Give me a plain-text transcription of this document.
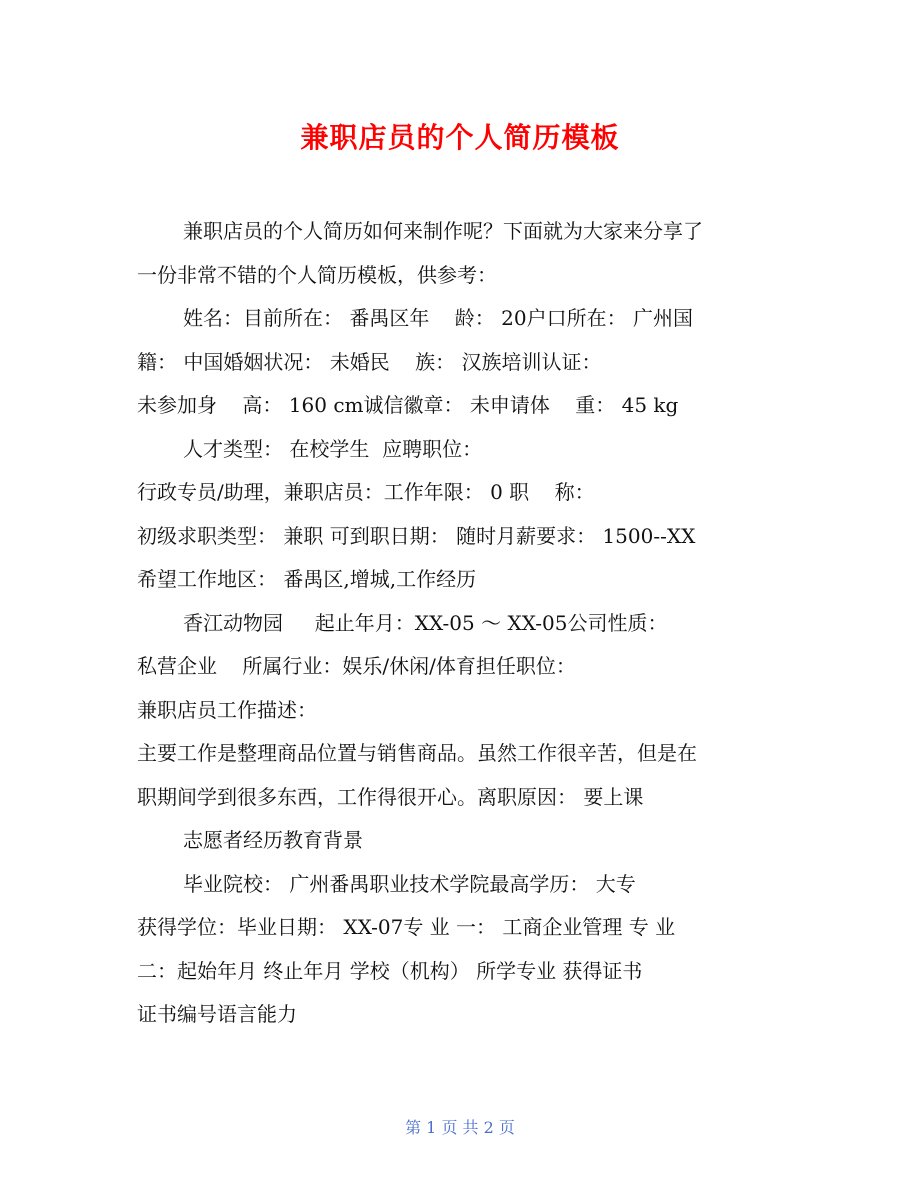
兼职店员的个人简历模板
兼职店员的个人简历如何来制作呢？下面就为大家来分享了
一份非常不错的个人简历模板，供参考：
姓名：目前所在： 番禺区年    龄： 20户口所在： 广州国
籍： 中国婚姻状况： 未婚民    族： 汉族培训认证：
未参加身    高： 160 cm诚信徽章： 未申请体    重： 45 kg
人才类型： 在校学生  应聘职位：
行政专员/助理，兼职店员：工作年限： 0 职    称：
初级求职类型： 兼职 可到职日期： 随时月薪要求： 1500--XX
希望工作地区： 番禺区,增城,工作经历
香江动物园     起止年月：XX-05 ～ XX-05公司性质：
私营企业    所属行业：娱乐/休闲/体育担任职位：
兼职店员工作描述：
主要工作是整理商品位置与销售商品。虽然工作很辛苦，但是在
职期间学到很多东西，工作得很开心。离职原因： 要上课
志愿者经历教育背景
毕业院校： 广州番禺职业技术学院最高学历： 大专
获得学位：毕业日期： XX-07专 业 一： 工商企业管理 专 业
二：起始年月 终止年月 学校（机构） 所学专业 获得证书
证书编号语言能力
第 1 页 共 2 页
